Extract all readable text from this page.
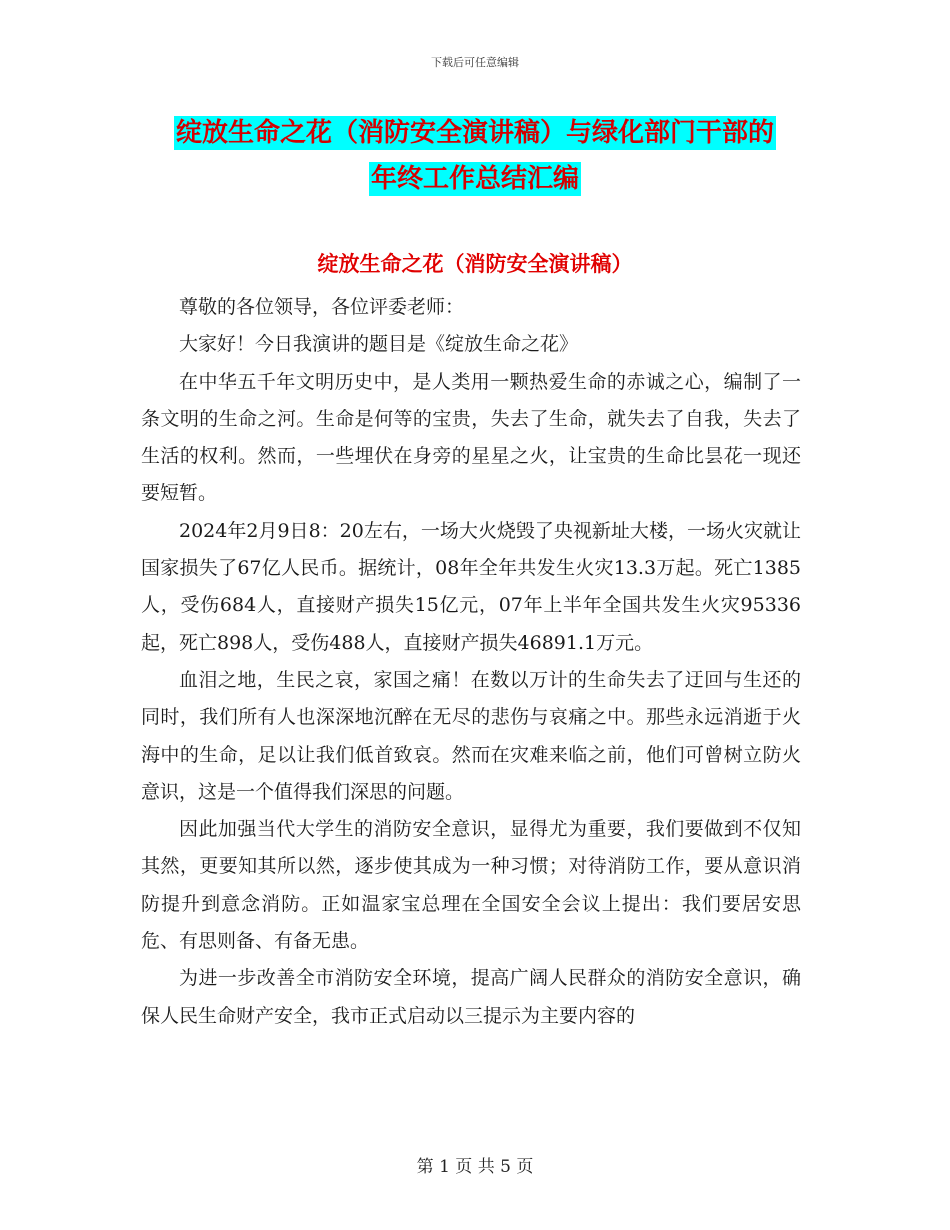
下载后可任意编辑
绽放生命之花（消防安全演讲稿）与绿化部门干部的
年终工作总结汇编
绽放生命之花（消防安全演讲稿）

尊敬的各位领导，各位评委老师：

大家好！今日我演讲的题目是《绽放生命之花》

在中华五千年文明历史中，是人类用一颗热爱生命的赤诚之心，编制了一条文明的生命之河。生命是何等的宝贵，失去了生命，就失去了自我，失去了生活的权利。然而，一些埋伏在身旁的星星之火，让宝贵的生命比昙花一现还要短暂。

2024年2月9日8：20左右，一场大火烧毁了央视新址大楼，一场火灾就让国家损失了67亿人民币。据统计，08年全年共发生火灾13.3万起。死亡1385人，受伤684人，直接财产损失15亿元，07年上半年全国共发生火灾95336起，死亡898人，受伤488人，直接财产损失46891.1万元。

血泪之地，生民之哀，家国之痛！在数以万计的生命失去了迂回与生还的同时，我们所有人也深深地沉醉在无尽的悲伤与哀痛之中。那些永远消逝于火海中的生命，足以让我们低首致哀。然而在灾难来临之前，他们可曾树立防火意识，这是一个值得我们深思的问题。

因此加强当代大学生的消防安全意识，显得尤为重要，我们要做到不仅知其然，更要知其所以然，逐步使其成为一种习惯；对待消防工作，要从意识消防提升到意念消防。正如温家宝总理在全国安全会议上提出：我们要居安思危、有思则备、有备无患。

为进一步改善全市消防安全环境，提高广阔人民群众的消防安全意识，确保人民生命财产安全，我市正式启动以三提示为主要内容的

第 1 页 共 5 页
